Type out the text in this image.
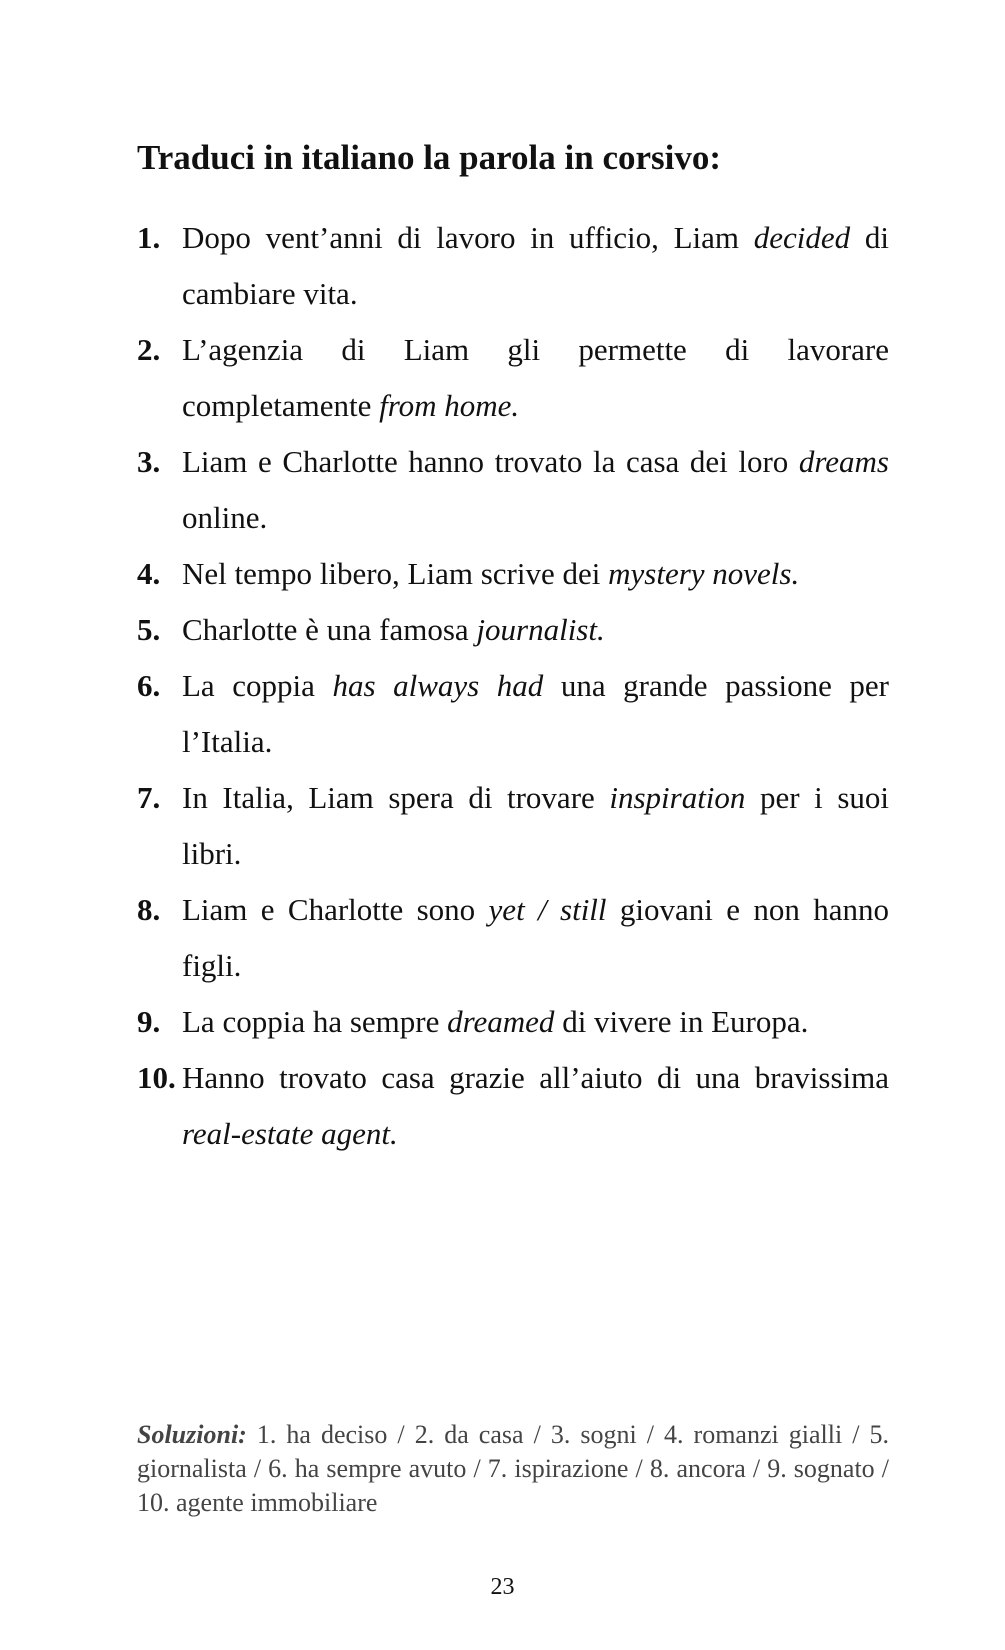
Traduci in italiano la parola in corsivo:
1. Dopo vent’anni di lavoro in ufficio, Liam decided di cambiare vita.
2. L’agenzia di Liam gli permette di lavorare completamente from home.
3. Liam e Charlotte hanno trovato la casa dei loro dreams online.
4. Nel tempo libero, Liam scrive dei mystery novels.
5. Charlotte è una famosa journalist.
6. La coppia has always had una grande passione per l’Italia.
7. In Italia, Liam spera di trovare inspiration per i suoi libri.
8. Liam e Charlotte sono yet / still giovani e non hanno figli.
9. La coppia ha sempre dreamed di vivere in Europa.
10. Hanno trovato casa grazie all’aiuto di una bravissima real-estate agent.

Soluzioni: 1. ha deciso / 2. da casa / 3. sogni / 4. romanzi gialli / 5. giornalista / 6. ha sempre avuto / 7. ispirazione / 8. ancora / 9. sognato / 10. agente immobiliare

23
